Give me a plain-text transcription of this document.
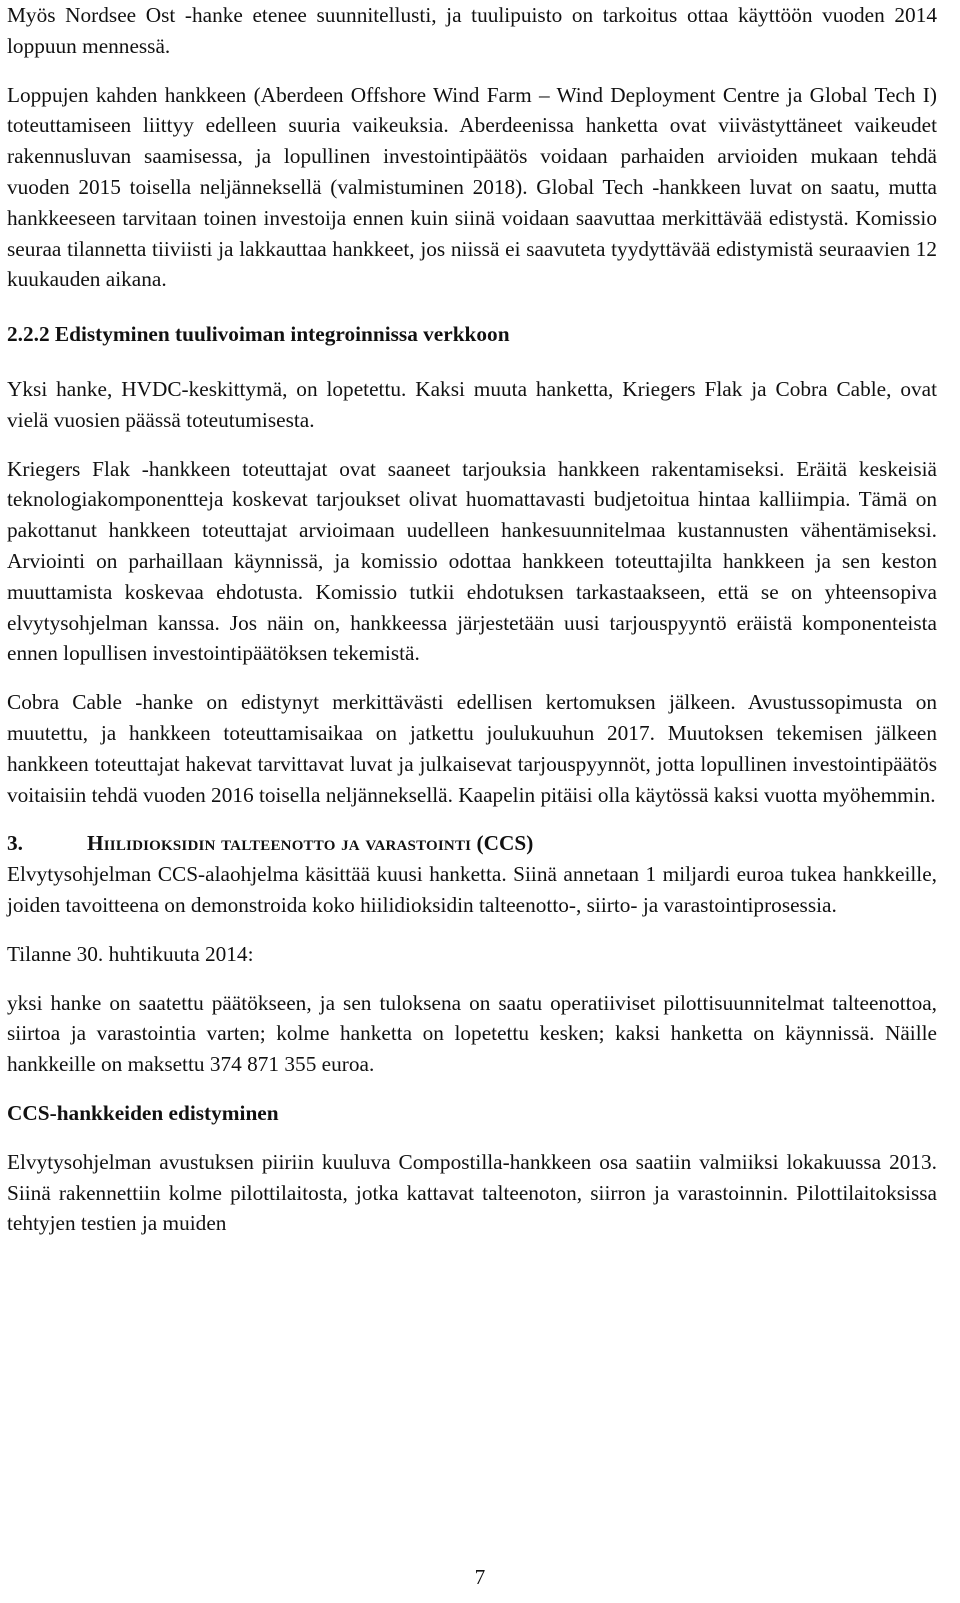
Myös Nordsee Ost -hanke etenee suunnitellusti, ja tuulipuisto on tarkoitus ottaa käyttöön vuoden 2014 loppuun mennessä.

Loppujen kahden hankkeen (Aberdeen Offshore Wind Farm – Wind Deployment Centre ja Global Tech I) toteuttamiseen liittyy edelleen suuria vaikeuksia. Aberdeenissa hanketta ovat viivästyttäneet vaikeudet rakennusluvan saamisessa, ja lopullinen investointipäätös voidaan parhaiden arvioiden mukaan tehdä vuoden 2015 toisella neljänneksellä (valmistuminen 2018). Global Tech -hankkeen luvat on saatu, mutta hankkeeseen tarvitaan toinen investoija ennen kuin siinä voidaan saavuttaa merkittävää edistystä. Komissio seuraa tilannetta tiiviisti ja lakkauttaa hankkeet, jos niissä ei saavuteta tyydyttävää edistymistä seuraavien 12 kuukauden aikana.

2.2.2 Edistyminen tuulivoiman integroinnissa verkkoon

Yksi hanke, HVDC-keskittymä, on lopetettu. Kaksi muuta hanketta, Kriegers Flak ja Cobra Cable, ovat vielä vuosien päässä toteutumisesta.

Kriegers Flak -hankkeen toteuttajat ovat saaneet tarjouksia hankkeen rakentamiseksi. Eräitä keskeisiä teknologiakomponentteja koskevat tarjoukset olivat huomattavasti budjetoitua hintaa kalliimpia. Tämä on pakottanut hankkeen toteuttajat arvioimaan uudelleen hankesuunnitelmaa kustannusten vähentämiseksi. Arviointi on parhaillaan käynnissä, ja komissio odottaa hankkeen toteuttajilta hankkeen ja sen keston muuttamista koskevaa ehdotusta. Komissio tutkii ehdotuksen tarkastaakseen, että se on yhteensopiva elvytysohjelman kanssa. Jos näin on, hankkeessa järjestetään uusi tarjouspyyntö eräistä komponenteista ennen lopullisen investointipäätöksen tekemistä.

Cobra Cable -hanke on edistynyt merkittävästi edellisen kertomuksen jälkeen. Avustussopimusta on muutettu, ja hankkeen toteuttamisaikaa on jatkettu joulukuuhun 2017. Muutoksen tekemisen jälkeen hankkeen toteuttajat hakevat tarvittavat luvat ja julkaisevat tarjouspyynnöt, jotta lopullinen investointipäätös voitaisiin tehdä vuoden 2016 toisella neljänneksellä. Kaapelin pitäisi olla käytössä kaksi vuotta myöhemmin.

3.	Hiilidioksidin talteenotto ja varastointi (CCS)

Elvytysohjelman CCS-alaohjelma käsittää kuusi hanketta. Siinä annetaan 1 miljardi euroa tukea hankkeille, joiden tavoitteena on demonstroida koko hiilidioksidin talteenotto-, siirto- ja varastointiprosessia.

Tilanne 30. huhtikuuta 2014:

yksi hanke on saatettu päätökseen, ja sen tuloksena on saatu operatiiviset pilottisuunnitelmat talteenottoa, siirtoa ja varastointia varten; kolme hanketta on lopetettu kesken; kaksi hanketta on käynnissä. Näille hankkeille on maksettu 374 871 355 euroa.

CCS-hankkeiden edistyminen

Elvytysohjelman avustuksen piiriin kuuluva Compostilla-hankkeen osa saatiin valmiiksi lokakuussa 2013. Siinä rakennettiin kolme pilottilaitosta, jotka kattavat talteenoton, siirron ja varastoinnin. Pilottilaitoksissa tehtyjen testien ja muiden

7
